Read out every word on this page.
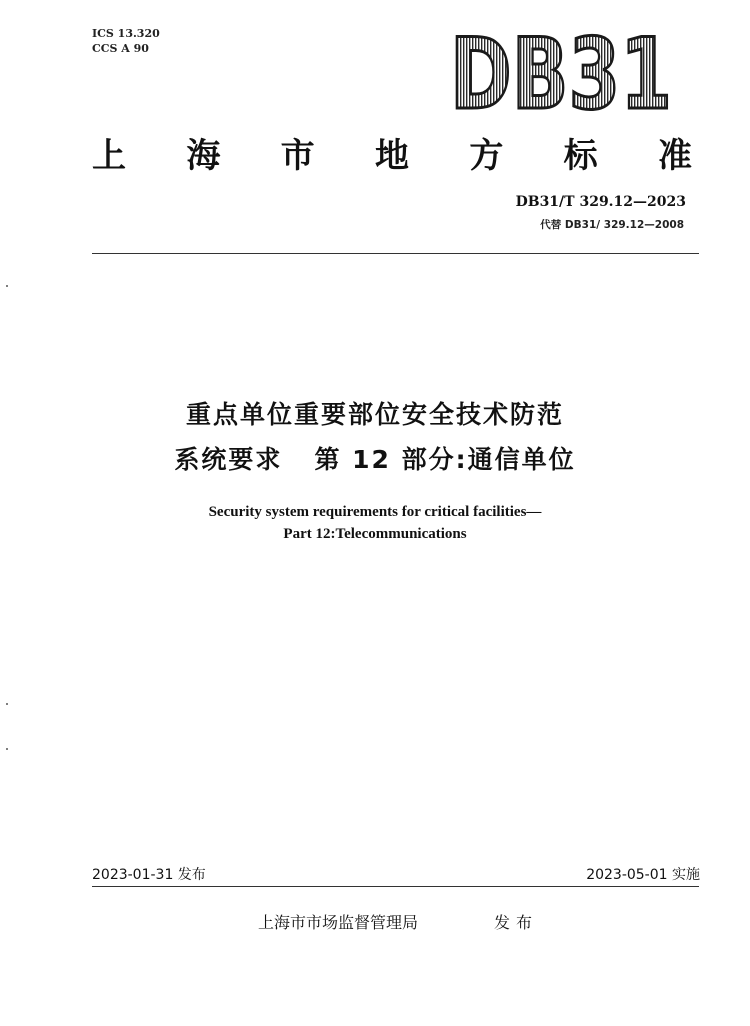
ICS 13.320
CCS A 90	DB31
上 海 市 地 方 标 准
DB31/T 329.12—2023
代替 DB31/ 329.12—2008
重点单位重要部位安全技术防范
系统要求   第 12 部分:通信单位
Security system requirements for critical facilities—
Part 12:Telecommunications
2023-01-31 发布	2023-05-01 实施
上海市市场监督管理局	发布
